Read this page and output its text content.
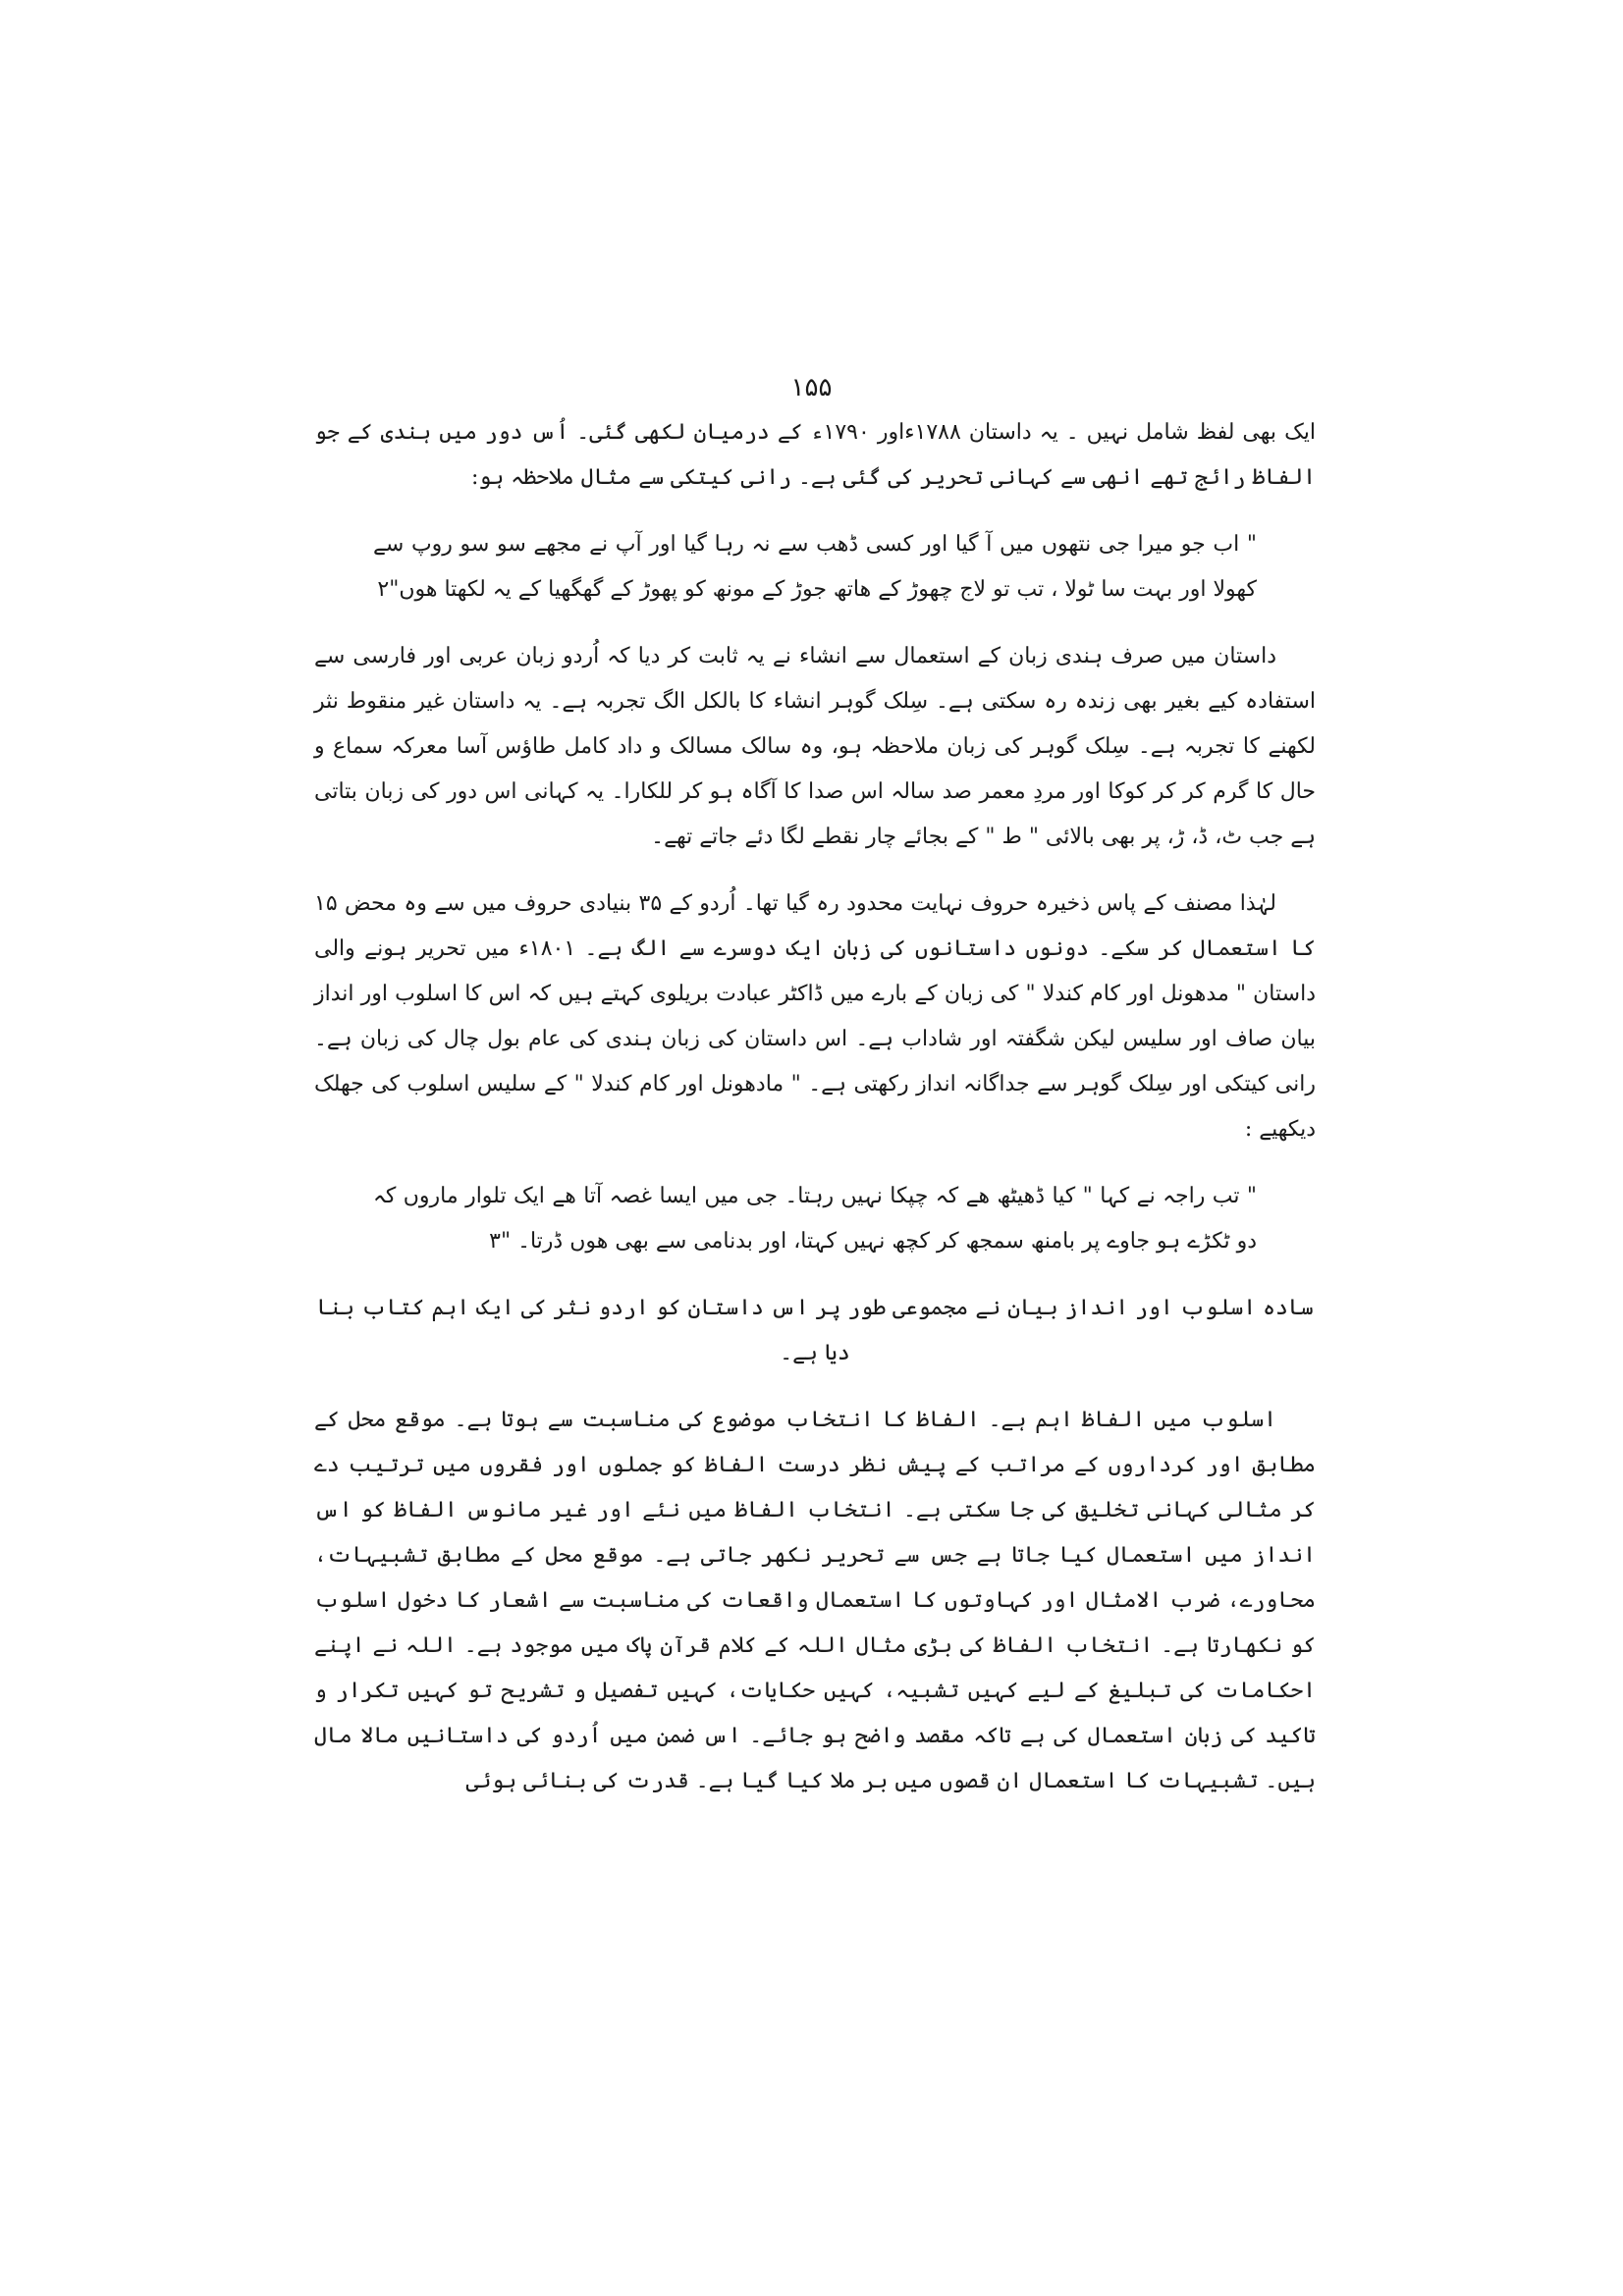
۱۵۵

ایک بھی لفظ شامل نہیں ۔ یہ داستان ۱۷۸۸ءاور ۱۷۹۰ء کے درمیان لکھی گئی۔ اُس دور میں ہندی کے جو الفاظ رائج تھے انھی سے کہانی تحریر کی گئی ہے۔ رانی کیتکی سے مثال ملاحظہ ہو:

" اب جو میرا جی نتھوں میں آ گیا اور کسی ڈھب سے نہ رہا گیا اور آپ نے مجھے سو سو روپ سے کھولا اور بہت سا ٹولا ، تب تو لاج چھوڑ کے ھاتھ جوڑ کے مونھ کو پھوڑ کے گھگھیا کے یہ لکھتا ھوں"۲

داستان میں صرف ہندی زبان کے استعمال سے انشاء نے یہ ثابت کر دیا کہ اُردو زبان عربی اور فارسی سے استفادہ کیے بغیر بھی زندہ رہ سکتی ہے۔ سِلک گوہر انشاء کا بالکل الگ تجربہ ہے۔ یہ داستان غیر منقوط نثر لکھنے کا تجربہ ہے۔ سِلک گوہر کی زبان ملاحظہ ہو، وہ سالک مسالک و داد کامل طاؤس آسا معرکہ سماع و حال کا گرم کر کر کوکا اور مردِ معمر صد سالہ اس صدا کا آگاہ ہو کر للکارا۔ یہ کہانی اس دور کی زبان بتاتی ہے جب ٹ، ڈ، ڑ، پر بھی بالائی " ط " کے بجائے چار نقطے لگا دئے جاتے تھے۔

لہٰذا مصنف کے پاس ذخیرہ حروف نہایت محدود رہ گیا تھا۔ اُردو کے ۳۵ بنیادی حروف میں سے وہ محض ۱۵ کا استعمال کر سکے۔ دونوں داستانوں کی زبان ایک دوسرے سے الگ ہے۔ ۱۸۰۱ء میں تحریر ہونے والی داستان " مدھونل اور کام کندلا " کی زبان کے بارے میں ڈاکٹر عبادت بریلوی کہتے ہیں کہ اس کا اسلوب اور انداز بیان صاف اور سلیس لیکن شگفتہ اور شاداب ہے۔ اس داستان کی زبان ہندی کی عام بول چال کی زبان ہے۔ رانی کیتکی اور سِلک گوہر سے جداگانہ انداز رکھتی ہے۔ " مادھونل اور کام کندلا " کے سلیس اسلوب کی جھلک دیکھیے :

" تب راجہ نے کہا " کیا ڈھیٹھ ھے کہ چپکا نہیں رہتا۔ جی میں ایسا غصہ آتا ھے ایک تلوار ماروں کہ دو ٹکڑے ہو جاوے پر بامنھ سمجھ کر کچھ نہیں کہتا، اور بدنامی سے بھی ھوں ڈرتا۔ "۳

سادہ اسلوب اور انداز بیان نے مجموعی طور پر اس داستان کو اردو نثر کی ایک اہم کتاب بنا دیا ہے۔

اسلوب میں الفاظ اہم ہے۔ الفاظ کا انتخاب موضوع کی مناسبت سے ہوتا ہے۔ موقع محل کے مطابق اور کرداروں کے مراتب کے پیش نظر درست الفاظ کو جملوں اور فقروں میں ترتیب دے کر مثالی کہانی تخلیق کی جا سکتی ہے۔ انتخاب الفاظ میں نئے اور غیر مانوس الفاظ کو اس انداز میں استعمال کیا جاتا ہے جس سے تحریر نکھر جاتی ہے۔ موقع محل کے مطابق تشبیہات، محاورے، ضرب الامثال اور کہاوتوں کا استعمال واقعات کی مناسبت سے اشعار کا دخول اسلوب کو نکھارتا ہے۔ انتخاب الفاظ کی بڑی مثال اللہ کے کلام قرآن پاک میں موجود ہے۔ اللہ نے اپنے احکامات کی تبلیغ کے لیے کہیں تشبیہ، کہیں حکایات، کہیں تفصیل و تشریح تو کہیں تکرار و تاکید کی زبان استعمال کی ہے تاکہ مقصد واضح ہو جائے۔ اس ضمن میں اُردو کی داستانیں مالا مال ہیں۔ تشبیہات کا استعمال ان قصوں میں بر ملا کیا گیا ہے۔ قدرت کی بنائی ہوئی
